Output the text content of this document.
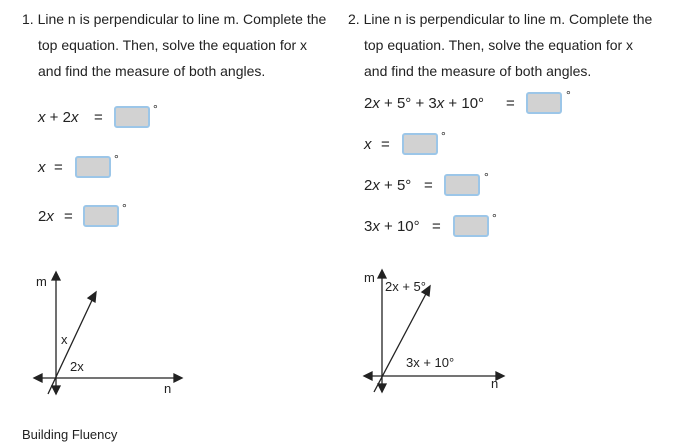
1. Line n is perpendicular to line m. Complete the
top equation. Then, solve the equation for x
and find the measure of both angles.
x + 2x =	°
x =	°
2x =	°
m
x
2x
n
2. Line n is perpendicular to line m. Complete the
top equation. Then, solve the equation for x
and find the measure of both angles.
2x + 5° + 3x + 10° =	°
x =	°
2x + 5° =	°
3x + 10° =	°
m
2x + 5°
3x + 10°
n
Building Fluency
